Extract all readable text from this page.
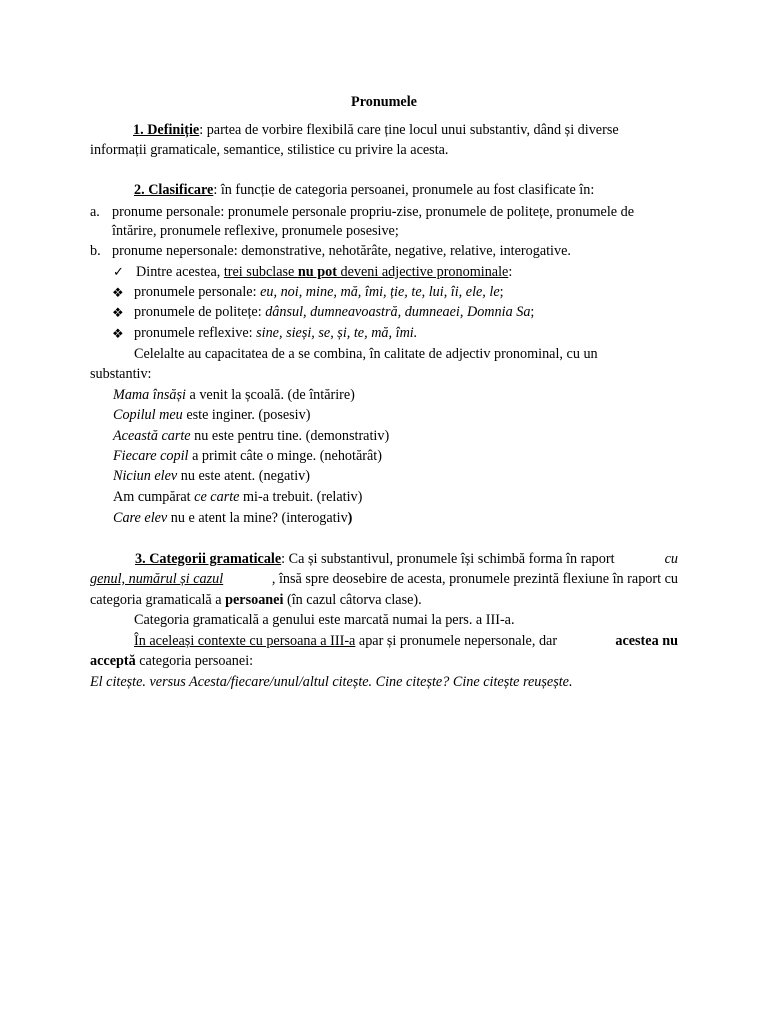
Pronumele
1. Definiție: partea de vorbire flexibilă care ține locul unui substantiv, dând și diverse
informații gramaticale, semantice, stilistice cu privire la acesta.
2. Clasificare: în funcție de categoria persoanei, pronumele au fost clasificate în:
a. pronume personale: pronumele personale propriu-zise, pronumele de politețe, pronumele de
întărire, pronumele reflexive, pronumele posesive;
b. pronume nepersonale: demonstrative, nehotărâte, negative, relative, interogative.
✓ Dintre acestea, trei subclase nu pot deveni adjective pronominale:
❖ pronumele personale: eu, noi, mine, mă, îmi, ție, te, lui, îi, ele, le;
❖ pronumele de politețe: dânsul, dumneavoastră, dumneaei, Domnia Sa;
❖ pronumele reflexive: sine, sieși, se, și, te, mă, îmi.
Celelalte au capacitatea de a se combina, în calitate de adjectiv pronominal, cu un
substantiv:
Mama însăși a venit la școală. (de întărire)
Copilul meu este inginer. (posesiv)
Această carte nu este pentru tine. (demonstrativ)
Fiecare copil a primit câte o minge. (nehotărât)
Niciun elev nu este atent. (negativ)
Am cumpărat ce carte mi-a trebuit. (relativ)
Care elev nu e atent la mine? (interogativ)
3. Categorii gramaticale: Ca și substantivul, pronumele își schimbă forma în raport	cu
genul, numărul și cazul	, însă spre deosebire de acesta, pronumele prezintă flexiune în raport cu
categoria gramaticală a persoanei (în cazul câtorva clase).
Categoria gramaticală a genului este marcată numai la pers. a III-a.
În aceleași contexte cu persoana a III-a apar și pronumele nepersonale, dar	acestea nu
acceptă categoria persoanei:
El citește. versus Acesta/fiecare/unul/altul citește. Cine citește? Cine citește reușește.
